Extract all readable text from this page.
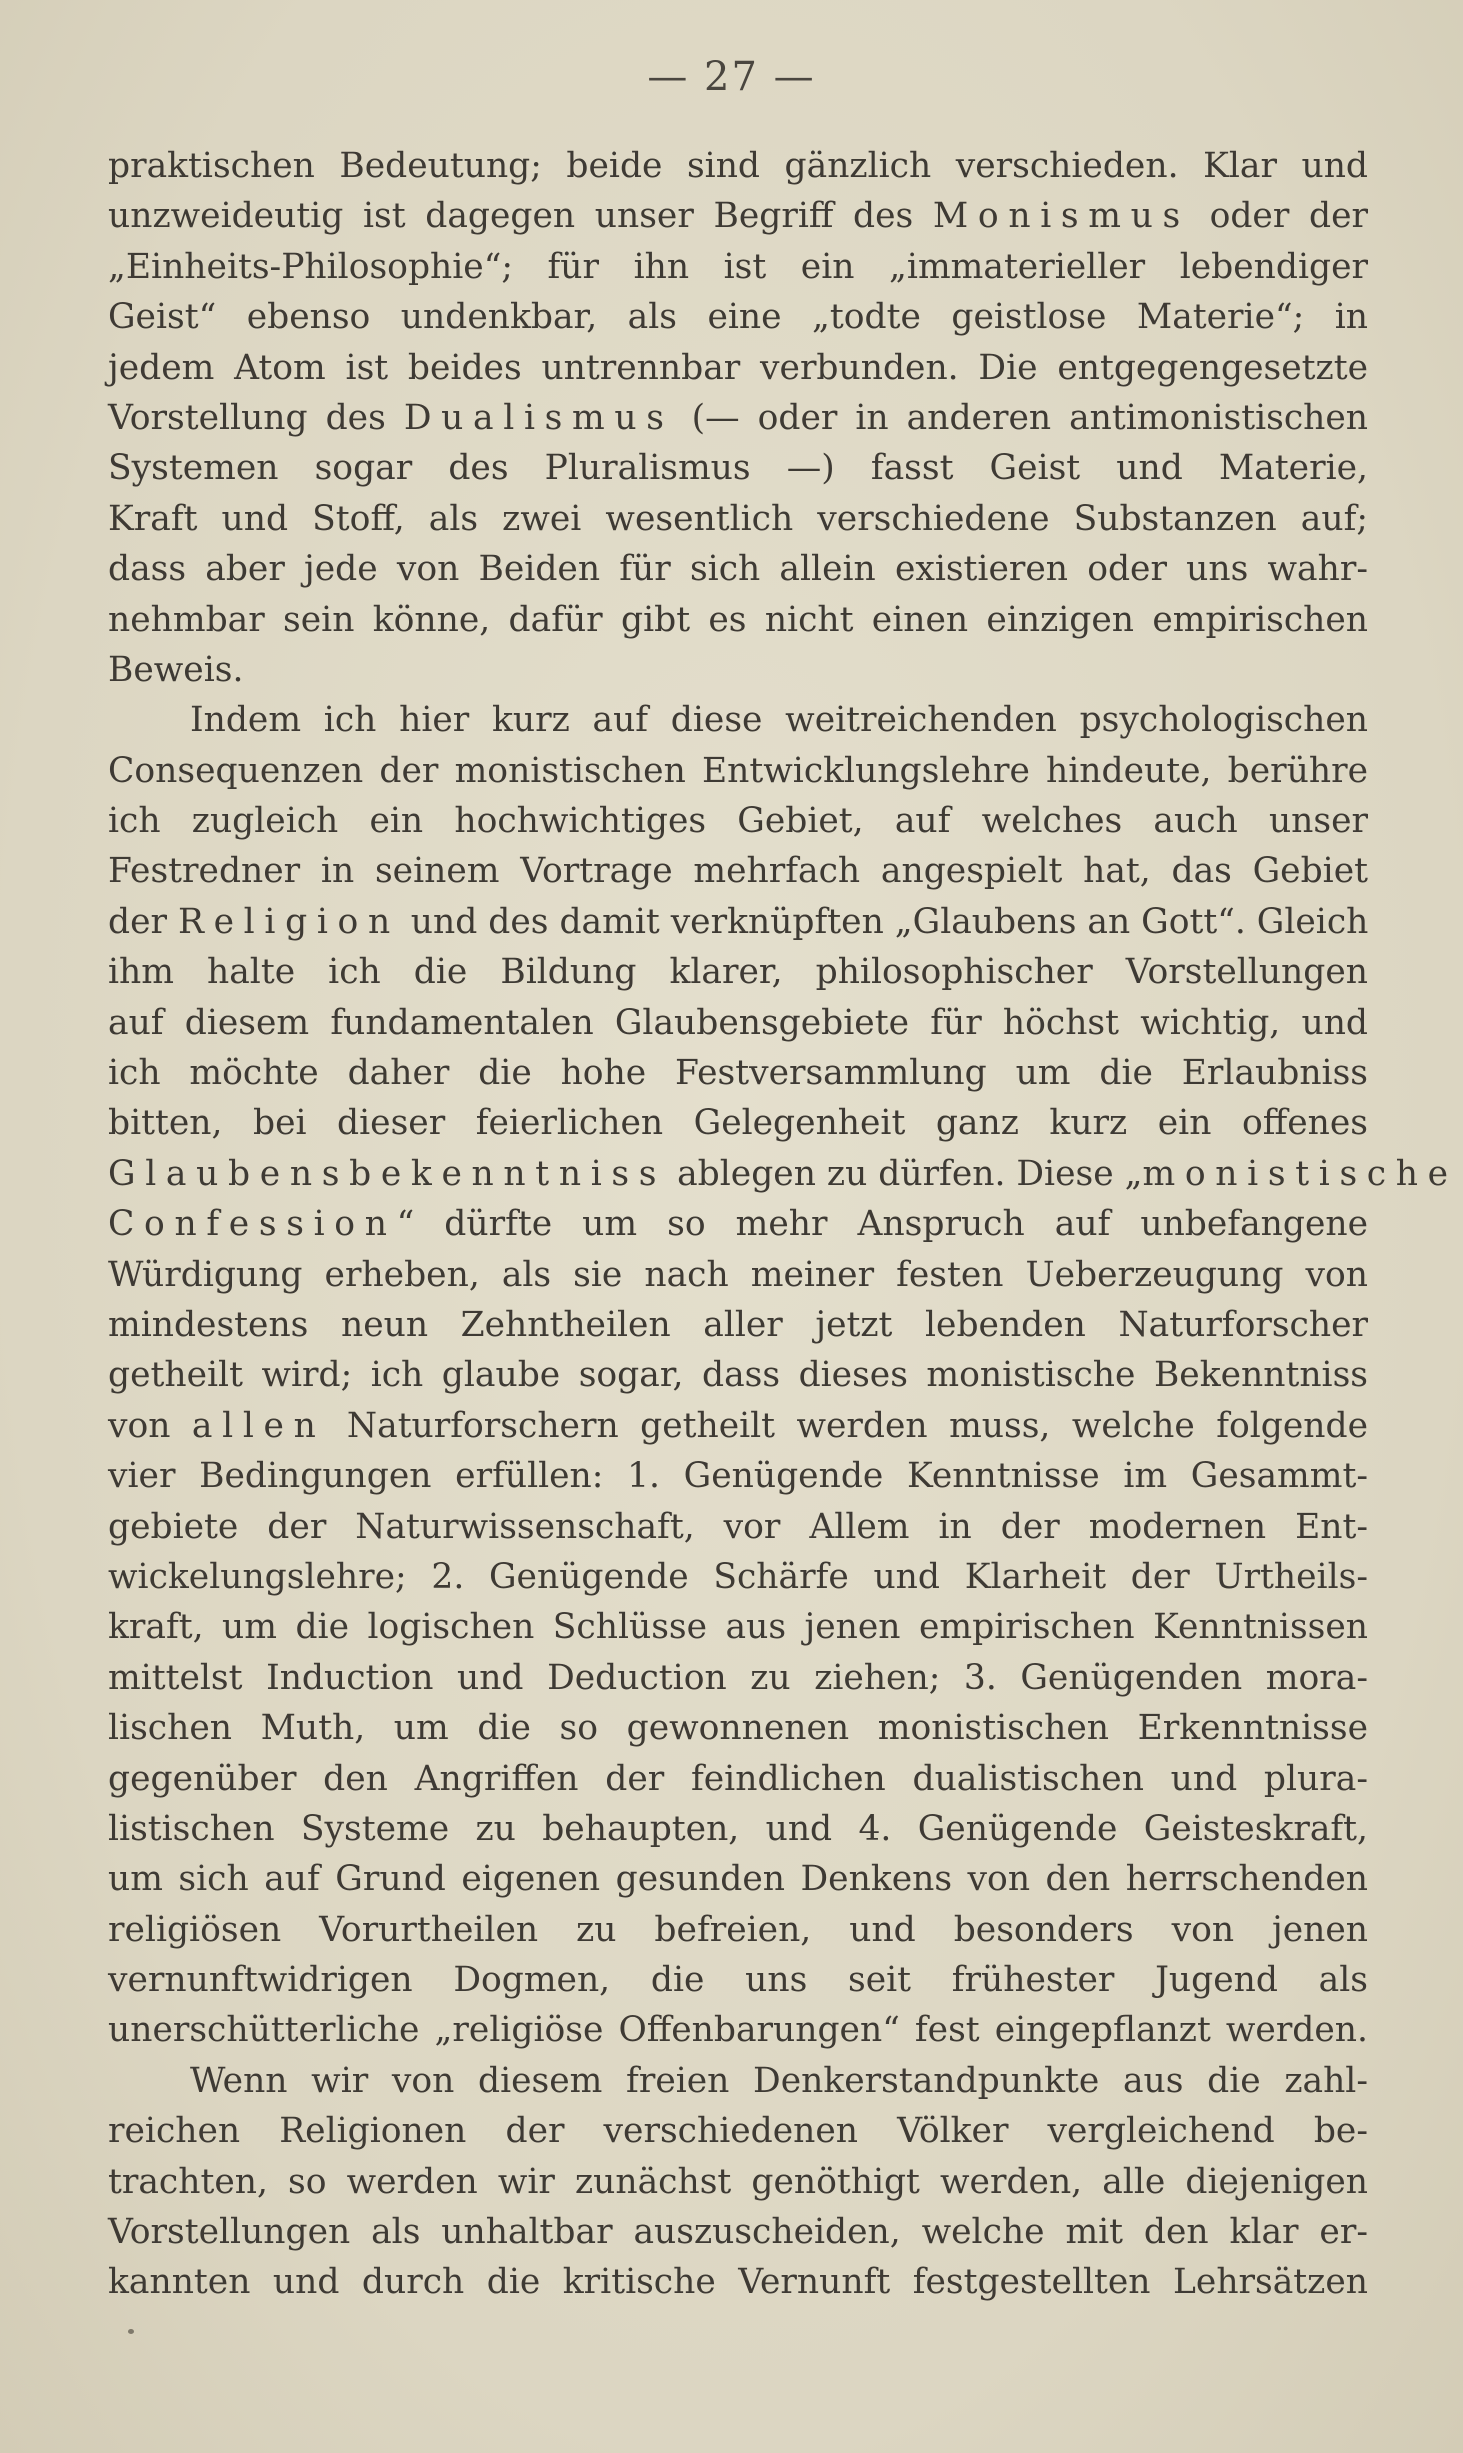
— 27 —
praktischen Bedeutung; beide sind gänzlich verschieden. Klar und
unzweideutig ist dagegen unser Begriff des Monismus oder der
„Einheits-Philosophie“; für ihn ist ein „immaterieller lebendiger
Geist“ ebenso undenkbar, als eine „todte geistlose Materie“; in
jedem Atom ist beides untrennbar verbunden. Die entgegengesetzte
Vorstellung des Dualismus (— oder in anderen antimonistischen
Systemen sogar des Pluralismus —) fasst Geist und Materie,
Kraft und Stoff, als zwei wesentlich verschiedene Substanzen auf;
dass aber jede von Beiden für sich allein existieren oder uns wahr-
nehmbar sein könne, dafür gibt es nicht einen einzigen empirischen
Beweis.
Indem ich hier kurz auf diese weitreichenden psychologischen
Consequenzen der monistischen Entwicklungslehre hindeute, berühre
ich zugleich ein hochwichtiges Gebiet, auf welches auch unser
Festredner in seinem Vortrage mehrfach angespielt hat, das Gebiet
der Religion und des damit verknüpften „Glaubens an Gott“. Gleich
ihm halte ich die Bildung klarer, philosophischer Vorstellungen
auf diesem fundamentalen Glaubensgebiete für höchst wichtig, und
ich möchte daher die hohe Festversammlung um die Erlaubniss
bitten, bei dieser feierlichen Gelegenheit ganz kurz ein offenes
Glaubensbekenntniss ablegen zu dürfen. Diese „monistische
Confession“ dürfte um so mehr Anspruch auf unbefangene
Würdigung erheben, als sie nach meiner festen Ueberzeugung von
mindestens neun Zehntheilen aller jetzt lebenden Naturforscher
getheilt wird; ich glaube sogar, dass dieses monistische Bekenntniss
von allen Naturforschern getheilt werden muss, welche folgende
vier Bedingungen erfüllen: 1. Genügende Kenntnisse im Gesammt-
gebiete der Naturwissenschaft, vor Allem in der modernen Ent-
wickelungslehre; 2. Genügende Schärfe und Klarheit der Urtheils-
kraft, um die logischen Schlüsse aus jenen empirischen Kenntnissen
mittelst Induction und Deduction zu ziehen; 3. Genügenden mora-
lischen Muth, um die so gewonnenen monistischen Erkenntnisse
gegenüber den Angriffen der feindlichen dualistischen und plura-
listischen Systeme zu behaupten, und 4. Genügende Geisteskraft,
um sich auf Grund eigenen gesunden Denkens von den herrschenden
religiösen Vorurtheilen zu befreien, und besonders von jenen
vernunftwidrigen Dogmen, die uns seit frühester Jugend als
unerschütterliche „religiöse Offenbarungen“ fest eingepflanzt werden.
Wenn wir von diesem freien Denkerstandpunkte aus die zahl-
reichen Religionen der verschiedenen Völker vergleichend be-
trachten, so werden wir zunächst genöthigt werden, alle diejenigen
Vorstellungen als unhaltbar auszuscheiden, welche mit den klar er-
kannten und durch die kritische Vernunft festgestellten Lehrsätzen
